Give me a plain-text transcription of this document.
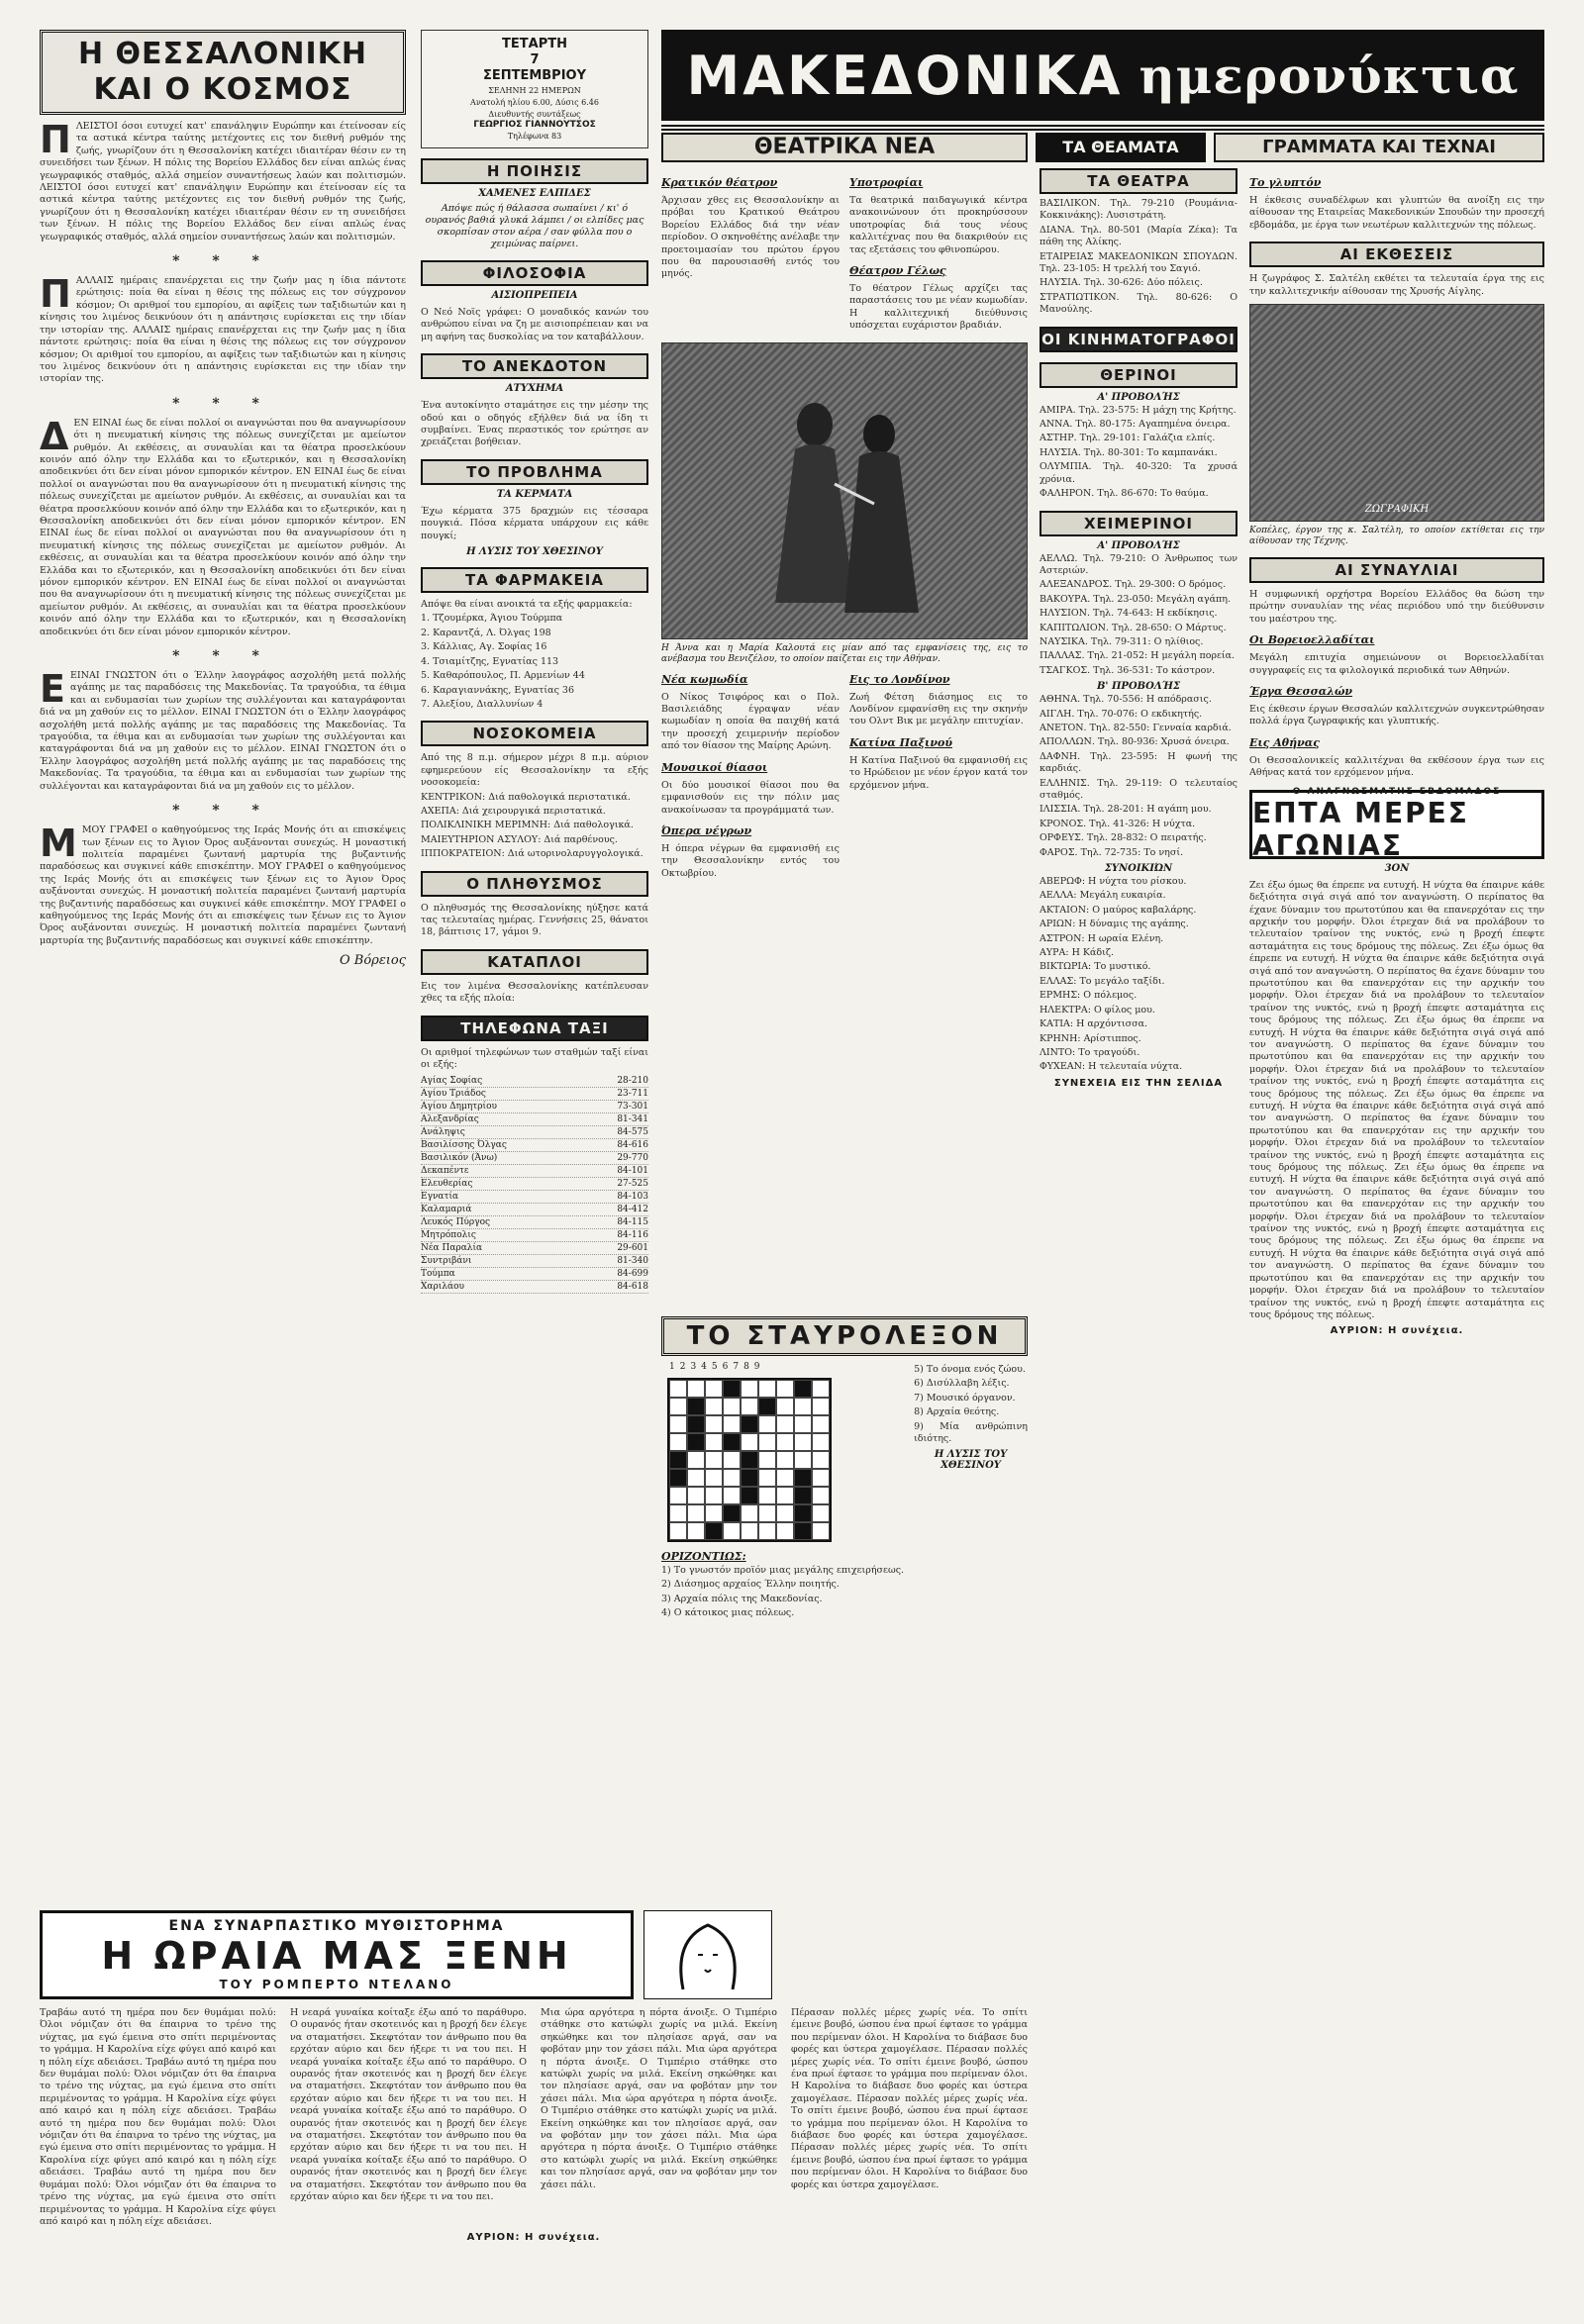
Η ΘΕΣΣΑΛΟΝΙΚΗ ΚΑΙ Ο ΚΟΣΜΟΣ
ΠΛΕΙΣΤΟΙ όσοι ευτυχεί κατ' επανάληψιν Ευρώπην και έτείνοσαν είς τα αστικά κέντρα ταύτης μετέχοντες εις τον διεθνή ρυθμόν της ζωής, γνωρίζουν ότι η Θεσσαλονίκη κατέχει ιδιαιτέραν θέσιν εν τη συνειδήσει των ξένων. Η πόλις της Βορείου Ελλάδος δεν είναι απλώς ένας γεωγραφικός σταθμός, αλλά σημείον συναντήσεως λαών και πολιτισμών. ΛΕΙΣΤΟΙ όσοι ευτυχεί κατ' επανάληψιν Ευρώπην και έτείνοσαν είς τα αστικά κέντρα ταύτης μετέχοντες εις τον διεθνή ρυθμόν της ζωής, γνωρίζουν ότι η Θεσσαλονίκη κατέχει ιδιαιτέραν θέσιν εν τη συνειδήσει των ξένων. Η πόλις της Βορείου Ελλάδος δεν είναι απλώς ένας γεωγραφικός σταθμός, αλλά σημείον συναντήσεως λαών και πολιτισμών.
* * *
ΠΑΛΛΑΙΣ ημέραις επανέρχεται εις την ζωήν μας η ίδια πάντοτε ερώτησις: ποία θα είναι η θέσις της πόλεως εις τον σύγχρονον κόσμον; Οι αριθμοί του εμπορίου, αι αφίξεις των ταξιδιωτών και η κίνησις του λιμένος δεικνύουν ότι η απάντησις ευρίσκεται εις την ιδίαν την ιστορίαν της. ΑΛΛΑΙΣ ημέραις επανέρχεται εις την ζωήν μας η ίδια πάντοτε ερώτησις: ποία θα είναι η θέσις της πόλεως εις τον σύγχρονον κόσμον; Οι αριθμοί του εμπορίου, αι αφίξεις των ταξιδιωτών και η κίνησις του λιμένος δεικνύουν ότι η απάντησις ευρίσκεται εις την ιδίαν την ιστορίαν της.
* * *
ΔΕΝ ΕΙΝΑΙ έως δε είναι πολλοί οι αναγνώσται που θα αναγνωρίσουν ότι η πνευματική κίνησις της πόλεως συνεχίζεται με αμείωτον ρυθμόν. Αι εκθέσεις, αι συναυλίαι και τα θέατρα προσελκύουν κοινόν από όλην την Ελλάδα και το εξωτερικόν, και η Θεσσαλονίκη αποδεικνύει ότι δεν είναι μόνον εμπορικόν κέντρον. ΕΝ ΕΙΝΑΙ έως δε είναι πολλοί οι αναγνώσται που θα αναγνωρίσουν ότι η πνευματική κίνησις της πόλεως συνεχίζεται με αμείωτον ρυθμόν. Αι εκθέσεις, αι συναυλίαι και τα θέατρα προσελκύουν κοινόν από όλην την Ελλάδα και το εξωτερικόν, και η Θεσσαλονίκη αποδεικνύει ότι δεν είναι μόνον εμπορικόν κέντρον. ΕΝ ΕΙΝΑΙ έως δε είναι πολλοί οι αναγνώσται που θα αναγνωρίσουν ότι η πνευματική κίνησις της πόλεως συνεχίζεται με αμείωτον ρυθμόν. Αι εκθέσεις, αι συναυλίαι και τα θέατρα προσελκύουν κοινόν από όλην την Ελλάδα και το εξωτερικόν, και η Θεσσαλονίκη αποδεικνύει ότι δεν είναι μόνον εμπορικόν κέντρον. ΕΝ ΕΙΝΑΙ έως δε είναι πολλοί οι αναγνώσται που θα αναγνωρίσουν ότι η πνευματική κίνησις της πόλεως συνεχίζεται με αμείωτον ρυθμόν. Αι εκθέσεις, αι συναυλίαι και τα θέατρα προσελκύουν κοινόν από όλην την Ελλάδα και το εξωτερικόν, και η Θεσσαλονίκη αποδεικνύει ότι δεν είναι μόνον εμπορικόν κέντρον.
* * *
ΕΕΙΝΑΙ ΓΝΩΣΤΟΝ ότι ο Έλλην λαογράφος ασχολήθη μετά πολλής αγάπης με τας παραδόσεις της Μακεδονίας. Τα τραγούδια, τα έθιμα και αι ενδυμασίαι των χωρίων της συλλέγονται και καταγράφονται διά να μη χαθούν εις το μέλλον. ΕΙΝΑΙ ΓΝΩΣΤΟΝ ότι ο Έλλην λαογράφος ασχολήθη μετά πολλής αγάπης με τας παραδόσεις της Μακεδονίας. Τα τραγούδια, τα έθιμα και αι ενδυμασίαι των χωρίων της συλλέγονται και καταγράφονται διά να μη χαθούν εις το μέλλον. ΕΙΝΑΙ ΓΝΩΣΤΟΝ ότι ο Έλλην λαογράφος ασχολήθη μετά πολλής αγάπης με τας παραδόσεις της Μακεδονίας. Τα τραγούδια, τα έθιμα και αι ενδυμασίαι των χωρίων της συλλέγονται και καταγράφονται διά να μη χαθούν εις το μέλλον.
* * *
ΜΜΟΥ ΓΡΑΦΕΙ ο καθηγούμενος της Ιεράς Μονής ότι αι επισκέψεις των ξένων εις το Άγιον Όρος αυξάνονται συνεχώς. Η μοναστική πολιτεία παραμένει ζωντανή μαρτυρία της βυζαντινής παραδόσεως και συγκινεί κάθε επισκέπτην. ΜΟΥ ΓΡΑΦΕΙ ο καθηγούμενος της Ιεράς Μονής ότι αι επισκέψεις των ξένων εις το Άγιον Όρος αυξάνονται συνεχώς. Η μοναστική πολιτεία παραμένει ζωντανή μαρτυρία της βυζαντινής παραδόσεως και συγκινεί κάθε επισκέπτην. ΜΟΥ ΓΡΑΦΕΙ ο καθηγούμενος της Ιεράς Μονής ότι αι επισκέψεις των ξένων εις το Άγιον Όρος αυξάνονται συνεχώς. Η μοναστική πολιτεία παραμένει ζωντανή μαρτυρία της βυζαντινής παραδόσεως και συγκινεί κάθε επισκέπτην.
Ο Βόρειος
ΤΕΤΑΡΤΗ
7
ΣΕΠΤΕΜΒΡΙΟΥ
ΣΕΛΗΝΗ 22 ΗΜΕΡΩΝ
Ανατολή ηλίου 6.00, Δύσις 6.46
Διευθυντής συντάξεως
ΓΕΩΡΓΙΟΣ ΓΙΑΝΝΟΥΤΣΟΣ
Τηλέφωνα 83
Η ΠΟΙΗΣΙΣ
ΧΑΜΕΝΕΣ ΕΛΠΙΔΕΣ
Απόψε πώς ή θάλασσα σωπαίνει / κι' ό ουρανός βαθιά γλυκά λάμπει / οι ελπίδες μας σκορπίσαν στον αέρα / σαν φύλλα που ο χειμώνας παίρνει.
ΦΙΛΟΣΟΦΙΑ
ΑΙΣΙΟΠΡΕΠΕΙΑ
Ο Νεό Νοϊς γράφει: Ο μοναδικός κανών του ανθρώπου είναι να ζη με αισιοπρέπειαν και να μη αφήνη τας δυσκολίας να τον καταβάλλουν.
ΤΟ ΑΝΕΚΔΟΤΟΝ
ΑΤΥΧΗΜΑ
Ένα αυτοκίνητο σταμάτησε εις την μέσην της οδού και ο οδηγός εξήλθεν διά να ίδη τι συμβαίνει. Ένας περαστικός τον ερώτησε αν χρειάζεται βοήθειαν.
ΤΟ ΠΡΟΒΛΗΜΑ
ΤΑ ΚΕΡΜΑΤΑ
Έχω κέρματα 375 δραχμών εις τέσσαρα πουγκιά. Πόσα κέρματα υπάρχουν εις κάθε πουγκί;
Η ΛΥΣΙΣ ΤΟΥ ΧΘΕΣΙΝΟΥ
ΤΑ ΦΑΡΜΑΚΕΙΑ
Απόψε θα είναι ανοικτά τα εξής φαρμακεία:
1. Τζουμέρκα, Άγιου Τούρμπα
2. Καραντζά, Λ. Όλγας 198
3. Κάλλιας, Αγ. Σοφίας 16
4. Τσιαμίτζης, Εγνατίας 113
5. Καθαρόπουλος, Π. Αρμενίων 44
6. Καραγιαννάκης, Εγνατίας 36
7. Αλεξίου, Διαλλυνίων 4
ΝΟΣΟΚΟΜΕΙΑ
Από της 8 π.μ. σήμερον μέχρι 8 π.μ. αύριον εφημερεύουν είς Θεσσαλονίκην τα εξής νοσοκομεία:
ΚΕΝΤΡΙΚΟΝ: Διά παθολογικά περιστατικά.
ΑΧΕΠΑ: Διά χειρουργικά περιστατικά.
ΠΟΛΙΚΛΙΝΙΚΗ ΜΕΡΙΜΝΗ: Διά παθολογικά.
ΜΑΙΕΥΤΗΡΙΟΝ ΑΣΥΛΟΥ: Διά παρθένους.
ΙΠΠΟΚΡΑΤΕΙΟΝ: Διά ωτορινολαρυγγολογικά.
Ο ΠΛΗΘΥΣΜΟΣ
Ο πληθυσμός της Θεσσαλονίκης ηύξησε κατά τας τελευταίας ημέρας. Γεννήσεις 25, θάνατοι 18, βάπτισις 17, γάμοι 9.
ΚΑΤΑΠΛΟΙ
Εις τον λιμένα Θεσσαλονίκης κατέπλευσαν χθες τα εξής πλοία:
ΤΗΛΕΦΩΝΑ ΤΑΞΙ
Οι αριθμοί τηλεφώνων των σταθμών ταξί είναι οι εξής:
Αγίας Σοφίας	28-210
Αγίου Τριάδος	23-711
Αγίου Δημητρίου	73-301
Αλεξανδρίας	81-341
Ανάληψις	84-575
Βασιλίσσης Όλγας	84-616
Βασιλικόν (Άνω)	29-770
Δεκαπέντε	84-101
Ελευθερίας	27-525
Εγνατία	84-103
Καλαμαριά	84-412
Λευκός Πύργος	84-115
Μητρόπολις	84-116
Νέα Παραλία	29-601
Συντριβάνι	81-340
Τούμπα	84-699
Χαριλάου	84-618
ΜΑΚΕΔΟΝΙΚΑ ημερονύκτια
ΘΕΑΤΡΙΚΑ ΝΕΑ	ΤΑ ΘΕΑΜΑΤΑ	ΓΡΑΜΜΑΤΑ ΚΑΙ ΤΕΧΝΑΙ
Κρατικόν θέατρον
Άρχισαν χθες εις Θεσσαλονίκην αι πρόβαι του Κρατικού Θεάτρου Βορείου Ελλάδος διά την νέαν περίοδον. Ο σκηνοθέτης ανέλαβε την προετοιμασίαν του πρώτου έργου που θα παρουσιασθή εντός του μηνός.
Υποτροφίαι
Τα θεατρικά παιδαγωγικά κέντρα ανακοινώνουν ότι προκηρύσσουν υποτροφίας διά τους νέους καλλιτέχνας που θα διακριθούν εις τας εξετάσεις του φθινοπώρου.
Θέατρον Γέλως
Το θέατρον Γέλως αρχίζει τας παραστάσεις του με νέαν κωμωδίαν. Η καλλιτεχνική διεύθυνσις υπόσχεται ευχάριστον βραδιάν.
Η Άννα και η Μαρία Καλουτά εις μίαν από τας εμφανίσεις της, εις το ανέβασμα του Βενιζέλου, το οποίον παίζεται εις την Αθήναν.
Νέα κωμωδία
Ο Νίκος Τσιφόρος και ο Πολ. Βασιλειάδης έγραψαν νέαν κωμωδίαν η οποία θα παιχθή κατά την προσεχή χειμερινήν περίοδον από τον θίασον της Μαίρης Αρώνη.
Μουσικοί θίασοι
Οι δύο μουσικοί θίασοι που θα εμφανισθούν εις την πόλιν μας ανακοίνωσαν τα προγράμματά των.
Όπερα νέγρων
Η όπερα νέγρων θα εμφανισθή εις την Θεσσαλονίκην εντός του Οκτωβρίου.
Εις το Λονδίνον
Ζωή Φέτση διάσημος εις το Λονδίνον εμφανίσθη εις την σκηνήν του Ολντ Βικ με μεγάλην επιτυχίαν.
Κατίνα Παξινού
Η Κατίνα Παξινού θα εμφανισθή εις το Ηρώδειον με νέον έργον κατά τον ερχόμενον μήνα.
ΤΟ ΣΤΑΥΡΟΛΕΞΟΝ
123456789
ΟΡΙΖΟΝΤΙΩΣ:
1) Το γνωστόν προϊόν μιας μεγάλης επιχειρήσεως.
2) Διάσημος αρχαίος Έλλην ποιητής.
3) Αρχαία πόλις της Μακεδονίας.
4) Ο κάτοικος μιας πόλεως.
5) Το όνομα ενός ζώου.
6) Δισύλλαβη λέξις.
7) Μουσικό όργανον.
8) Αρχαία θεότης.
9) Μία ανθρώπινη ιδιότης.
Η ΛΥΣΙΣ ΤΟΥ ΧΘΕΣΙΝΟΥ
ΤΑ ΘΕΑΤΡΑ
ΒΑΣΙΛΙΚΟΝ. Τηλ. 79-210 (Ρουμάνια-Κοκκινάκης): Λυσιστράτη.
ΔΙΑΝΑ. Τηλ. 80-501 (Μαρία Ζέκα): Τα πάθη της Αλίκης.
ΕΤΑΙΡΕΙΑΣ ΜΑΚΕΔΟΝΙΚΩΝ ΣΠΟΥΔΩΝ. Τηλ. 23-105: Η τρελλή του Σαγιό.
ΗΛΥΣΙΑ. Τηλ. 30-626: Δύο πόλεις.
ΣΤΡΑΤΙΩΤΙΚΟΝ. Τηλ. 80-626: Ο Μανούλης.
ΟΙ ΚΙΝΗΜΑΤΟΓΡΑΦΟΙ
ΘΕΡΙΝΟΙ
Α' ΠΡΟΒΟΛΉΣ
ΑΜΙΡΑ. Τηλ. 23-575: Η μάχη της Κρήτης.
ΑΝΝΑ. Τηλ. 80-175: Αγαπημένα όνειρα.
ΑΣΤΗΡ. Τηλ. 29-101: Γαλάζια ελπίς.
ΗΛΥΣΙΑ. Τηλ. 80-301: Το καμπανάκι.
ΟΛΥΜΠΙΑ. Τηλ. 40-320: Τα χρυσά χρόνια.
ΦΑΛΗΡΟΝ. Τηλ. 86-670: Το θαύμα.
ΧΕΙΜΕΡΙΝΟΙ
Α' ΠΡΟΒΟΛΉΣ
ΑΕΛΛΩ. Τηλ. 79-210: Ο Άνθρωπος των Αστεριών.
ΑΛΕΞΑΝΔΡΟΣ. Τηλ. 29-300: Ο δρόμος.
ΒΑΚΟΥΡΑ. Τηλ. 23-050: Μεγάλη αγάπη.
ΗΛΥΣΙΟΝ. Τηλ. 74-643: Η εκδίκησις.
ΚΑΠΙΤΩΛΙΟΝ. Τηλ. 28-650: Ο Μάρτυς.
ΝΑΥΣΙΚΑ. Τηλ. 79-311: Ο ηλίθιος.
ΠΑΛΛΑΣ. Τηλ. 21-052: Η μεγάλη πορεία.
ΤΣΑΓΚΟΣ. Τηλ. 36-531: Το κάστρον.
Β' ΠΡΟΒΟΛΉΣ
ΑΘΗΝΑ. Τηλ. 70-556: Η απόδρασις.
ΑΙΓΛΗ. Τηλ. 70-076: Ο εκδικητής.
ΑΝΕΤΟΝ. Τηλ. 82-550: Γενναία καρδιά.
ΑΠΟΛΛΩΝ. Τηλ. 80-936: Χρυσά όνειρα.
ΔΑΦΝΗ. Τηλ. 23-595: Η φωνή της καρδιάς.
ΕΛΛΗΝΙΣ. Τηλ. 29-119: Ο τελευταίος σταθμός.
ΙΛΙΣΣΙΑ. Τηλ. 28-201: Η αγάπη μου.
ΚΡΟΝΟΣ. Τηλ. 41-326: Η νύχτα.
ΟΡΦΕΥΣ. Τηλ. 28-832: Ο πειρατής.
ΦΑΡΟΣ. Τηλ. 72-735: Το νησί.
ΣΥΝΟΙΚΙΏΝ
ΑΒΕΡΩΦ: Η νύχτα του ρίσκου.
ΑΕΛΛΑ: Μεγάλη ευκαιρία.
ΑΚΤΑΙΟΝ: Ο μαύρος καβαλάρης.
ΑΡΙΩΝ: Η δύναμις της αγάπης.
ΑΣΤΡΟΝ: Η ωραία Ελένη.
ΑΥΡΑ: Η Κάδιζ.
ΒΙΚΤΩΡΙΑ: Το μυστικό.
ΕΛΛΑΣ: Το μεγάλο ταξίδι.
ΕΡΜΗΣ: Ο πόλεμος.
ΗΛΕΚΤΡΑ: Ο φίλος μου.
ΚΑΤΙΑ: Η αρχόντισσα.
ΚΡΗΝΗ: Αρίστιππος.
ΛΙΝΤΟ: Το τραγούδι.
ΦΥΧΕΑΝ: Η τελευταία νύχτα.
ΣΥΝΕΧΕΙΑ ΕΙΣ ΤΗΝ ΣΕΛΙΔΑ
Το γλυπτόν
Η έκθεσις συναδέλφων και γλυπτών θα ανοίξη εις την αίθουσαν της Εταιρείας Μακεδονικών Σπουδών την προσεχή εβδομάδα, με έργα των νεωτέρων καλλιτεχνών της πόλεως.
ΑΙ ΕΚΘΕΣΕΙΣ
Η ζωγράφος Σ. Σαλτέλη εκθέτει τα τελευταία έργα της εις την καλλιτεχνικήν αίθουσαν της Χρυσής Αίγλης.
ΖΩΓΡΑΦΙΚΗ
Κοπέλες, έργον της κ. Σαλτέλη, το οποίον εκτίθεται εις την αίθουσαν της Τέχνης.
ΑΙ ΣΥΝΑΥΛΙΑΙ
Η συμφωνική ορχήστρα Βορείου Ελλάδος θα δώση την πρώτην συναυλίαν της νέας περιόδου υπό την διεύθυνσιν του μαέστρου της.
Οι Βορειοελλαδίται
Μεγάλη επιτυχία σημειώνουν οι Βορειοελλαδίται συγγραφείς εις τα φιλολογικά περιοδικά των Αθηνών.
Έργα Θεσσαλών
Εις έκθεσιν έργων Θεσσαλών καλλιτεχνών συγκεντρώθησαν πολλά έργα ζωγραφικής και γλυπτικής.
Εις Αθήνας
Οι Θεσσαλονικείς καλλιτέχναι θα εκθέσουν έργα των εις Αθήνας κατά τον ερχόμενον μήνα.
Ο ΑΝΑΓΝΩΣΜΑΤΗΣ ΕΒΔΟΜΑΔΟΣ
ΕΠΤΑ ΜΕΡΕΣ ΑΓΩΝΙΑΣ
3ΟΝ
Ζει έξω όμως θα έπρεπε να ευτυχή. Η νύχτα θα έπαιρνε κάθε δεξιότητα σιγά σιγά από τον αναγνώστη. Ο περίπατος θα έχανε δύναμιν του πρωτοτύπου και θα επανερχόταν εις την αρχικήν του μορφήν. Όλοι έτρεχαν διά να προλάβουν το τελευταίον τραίνον της νυκτός, ενώ η βροχή έπεφτε ασταμάτητα εις τους δρόμους της πόλεως. Ζει έξω όμως θα έπρεπε να ευτυχή. Η νύχτα θα έπαιρνε κάθε δεξιότητα σιγά σιγά από τον αναγνώστη. Ο περίπατος θα έχανε δύναμιν του πρωτοτύπου και θα επανερχόταν εις την αρχικήν του μορφήν. Όλοι έτρεχαν διά να προλάβουν το τελευταίον τραίνον της νυκτός, ενώ η βροχή έπεφτε ασταμάτητα εις τους δρόμους της πόλεως. Ζει έξω όμως θα έπρεπε να ευτυχή. Η νύχτα θα έπαιρνε κάθε δεξιότητα σιγά σιγά από τον αναγνώστη. Ο περίπατος θα έχανε δύναμιν του πρωτοτύπου και θα επανερχόταν εις την αρχικήν του μορφήν. Όλοι έτρεχαν διά να προλάβουν το τελευταίον τραίνον της νυκτός, ενώ η βροχή έπεφτε ασταμάτητα εις τους δρόμους της πόλεως. Ζει έξω όμως θα έπρεπε να ευτυχή. Η νύχτα θα έπαιρνε κάθε δεξιότητα σιγά σιγά από τον αναγνώστη. Ο περίπατος θα έχανε δύναμιν του πρωτοτύπου και θα επανερχόταν εις την αρχικήν του μορφήν. Όλοι έτρεχαν διά να προλάβουν το τελευταίον τραίνον της νυκτός, ενώ η βροχή έπεφτε ασταμάτητα εις τους δρόμους της πόλεως. Ζει έξω όμως θα έπρεπε να ευτυχή. Η νύχτα θα έπαιρνε κάθε δεξιότητα σιγά σιγά από τον αναγνώστη. Ο περίπατος θα έχανε δύναμιν του πρωτοτύπου και θα επανερχόταν εις την αρχικήν του μορφήν. Όλοι έτρεχαν διά να προλάβουν το τελευταίον τραίνον της νυκτός, ενώ η βροχή έπεφτε ασταμάτητα εις τους δρόμους της πόλεως. Ζει έξω όμως θα έπρεπε να ευτυχή. Η νύχτα θα έπαιρνε κάθε δεξιότητα σιγά σιγά από τον αναγνώστη. Ο περίπατος θα έχανε δύναμιν του πρωτοτύπου και θα επανερχόταν εις την αρχικήν του μορφήν. Όλοι έτρεχαν διά να προλάβουν το τελευταίον τραίνον της νυκτός, ενώ η βροχή έπεφτε ασταμάτητα εις τους δρόμους της πόλεως.
ΑΥΡΙΟΝ: Η συνέχεια.
ΕΝΑ ΣΥΝΑΡΠΑΣΤΙΚΟ ΜΥΘΙΣΤΟΡΗΜΑ
Η ΩΡΑΙΑ ΜΑΣ ΞΕΝΗ
ΤΟΥ ΡΟΜΠΕΡΤΟ ΝΤΕΛΑΝΟ
Τραβάω αυτό τη ημέρα που δεν θυμάμαι πολύ: Όλοι νόμιζαν ότι θα έπαιρνα το τρένο της νύχτας, μα εγώ έμεινα στο σπίτι περιμένοντας το γράμμα. Η Καρολίνα είχε φύγει από καιρό και η πόλη είχε αδειάσει. Τραβάω αυτό τη ημέρα που δεν θυμάμαι πολύ: Όλοι νόμιζαν ότι θα έπαιρνα το τρένο της νύχτας, μα εγώ έμεινα στο σπίτι περιμένοντας το γράμμα. Η Καρολίνα είχε φύγει από καιρό και η πόλη είχε αδειάσει. Τραβάω αυτό τη ημέρα που δεν θυμάμαι πολύ: Όλοι νόμιζαν ότι θα έπαιρνα το τρένο της νύχτας, μα εγώ έμεινα στο σπίτι περιμένοντας το γράμμα. Η Καρολίνα είχε φύγει από καιρό και η πόλη είχε αδειάσει. Τραβάω αυτό τη ημέρα που δεν θυμάμαι πολύ: Όλοι νόμιζαν ότι θα έπαιρνα το τρένο της νύχτας, μα εγώ έμεινα στο σπίτι περιμένοντας το γράμμα. Η Καρολίνα είχε φύγει από καιρό και η πόλη είχε αδειάσει.
Η νεαρά γυναίκα κοίταξε έξω από το παράθυρο. Ο ουρανός ήταν σκοτεινός και η βροχή δεν έλεγε να σταματήσει. Σκεφτόταν τον άνθρωπο που θα ερχόταν αύριο και δεν ήξερε τι να του πει. Η νεαρά γυναίκα κοίταξε έξω από το παράθυρο. Ο ουρανός ήταν σκοτεινός και η βροχή δεν έλεγε να σταματήσει. Σκεφτόταν τον άνθρωπο που θα ερχόταν αύριο και δεν ήξερε τι να του πει. Η νεαρά γυναίκα κοίταξε έξω από το παράθυρο. Ο ουρανός ήταν σκοτεινός και η βροχή δεν έλεγε να σταματήσει. Σκεφτόταν τον άνθρωπο που θα ερχόταν αύριο και δεν ήξερε τι να του πει. Η νεαρά γυναίκα κοίταξε έξω από το παράθυρο. Ο ουρανός ήταν σκοτεινός και η βροχή δεν έλεγε να σταματήσει. Σκεφτόταν τον άνθρωπο που θα ερχόταν αύριο και δεν ήξερε τι να του πει.
Μια ώρα αργότερα η πόρτα άνοιξε. Ο Τιμπέριο στάθηκε στο κατώφλι χωρίς να μιλά. Εκείνη σηκώθηκε και τον πλησίασε αργά, σαν να φοβόταν μην τον χάσει πάλι. Μια ώρα αργότερα η πόρτα άνοιξε. Ο Τιμπέριο στάθηκε στο κατώφλι χωρίς να μιλά. Εκείνη σηκώθηκε και τον πλησίασε αργά, σαν να φοβόταν μην τον χάσει πάλι. Μια ώρα αργότερα η πόρτα άνοιξε. Ο Τιμπέριο στάθηκε στο κατώφλι χωρίς να μιλά. Εκείνη σηκώθηκε και τον πλησίασε αργά, σαν να φοβόταν μην τον χάσει πάλι. Μια ώρα αργότερα η πόρτα άνοιξε. Ο Τιμπέριο στάθηκε στο κατώφλι χωρίς να μιλά. Εκείνη σηκώθηκε και τον πλησίασε αργά, σαν να φοβόταν μην τον χάσει πάλι.
Πέρασαν πολλές μέρες χωρίς νέα. Το σπίτι έμεινε βουβό, ώσπου ένα πρωί έφτασε το γράμμα που περίμεναν όλοι. Η Καρολίνα το διάβασε δυο φορές και ύστερα χαμογέλασε. Πέρασαν πολλές μέρες χωρίς νέα. Το σπίτι έμεινε βουβό, ώσπου ένα πρωί έφτασε το γράμμα που περίμεναν όλοι. Η Καρολίνα το διάβασε δυο φορές και ύστερα χαμογέλασε. Πέρασαν πολλές μέρες χωρίς νέα. Το σπίτι έμεινε βουβό, ώσπου ένα πρωί έφτασε το γράμμα που περίμεναν όλοι. Η Καρολίνα το διάβασε δυο φορές και ύστερα χαμογέλασε. Πέρασαν πολλές μέρες χωρίς νέα. Το σπίτι έμεινε βουβό, ώσπου ένα πρωί έφτασε το γράμμα που περίμεναν όλοι. Η Καρολίνα το διάβασε δυο φορές και ύστερα χαμογέλασε.
ΑΥΡΙΟΝ: Η συνέχεια.
